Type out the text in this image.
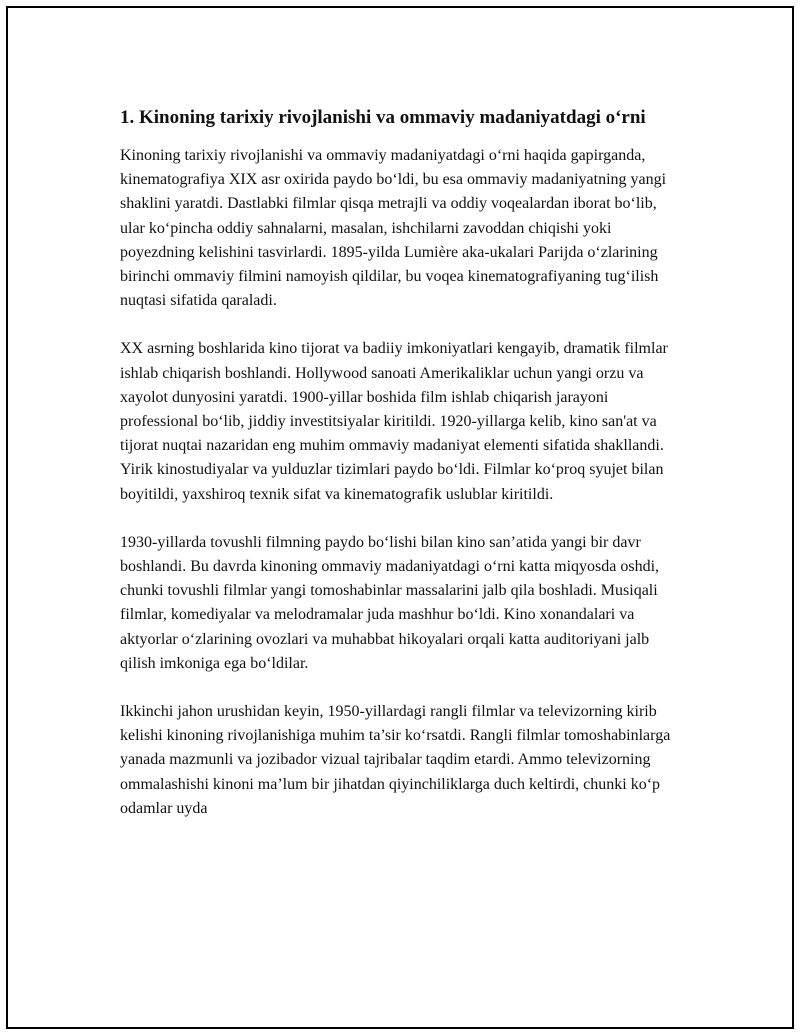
1. Kinoning tarixiy rivojlanishi va ommaviy madaniyatdagi o‘rni

Kinoning tarixiy rivojlanishi va ommaviy madaniyatdagi o‘rni haqida gapirganda, kinematografiya XIX asr oxirida paydo bo‘ldi, bu esa ommaviy madaniyatning yangi shaklini yaratdi. Dastlabki filmlar qisqa metrajli va oddiy voqealardan iborat bo‘lib, ular ko‘pincha oddiy sahnalarni, masalan, ishchilarni zavoddan chiqishi yoki poyezdning kelishini tasvirlardi. 1895-yilda Lumière aka-ukalari Parijda o‘zlarining birinchi ommaviy filmini namoyish qildilar, bu voqea kinematografiyaning tug‘ilish nuqtasi sifatida qaraladi.

XX asrning boshlarida kino tijorat va badiiy imkoniyatlari kengayib, dramatik filmlar ishlab chiqarish boshlandi. Hollywood sanoati Amerikaliklar uchun yangi orzu va xayolot dunyosini yaratdi. 1900-yillar boshida film ishlab chiqarish jarayoni professional bo‘lib, jiddiy investitsiyalar kiritildi. 1920-yillarga kelib, kino san'at va tijorat nuqtai nazaridan eng muhim ommaviy madaniyat elementi sifatida shakllandi. Yirik kinostudiyalar va yulduzlar tizimlari paydo bo‘ldi. Filmlar ko‘proq syujet bilan boyitildi, yaxshiroq texnik sifat va kinematografik uslublar kiritildi.

1930-yillarda tovushli filmning paydo bo‘lishi bilan kino san’atida yangi bir davr boshlandi. Bu davrda kinoning ommaviy madaniyatdagi o‘rni katta miqyosda oshdi, chunki tovushli filmlar yangi tomoshabinlar massalarini jalb qila boshladi. Musiqali filmlar, komediyalar va melodramalar juda mashhur bo‘ldi. Kino xonandalari va aktyorlar o‘zlarining ovozlari va muhabbat hikoyalari orqali katta auditoriyani jalb qilish imkoniga ega bo‘ldilar.

Ikkinchi jahon urushidan keyin, 1950-yillardagi rangli filmlar va televizorning kirib kelishi kinoning rivojlanishiga muhim ta’sir ko‘rsatdi. Rangli filmlar tomoshabinlarga yanada mazmunli va jozibador vizual tajribalar taqdim etardi. Ammo televizorning ommalashishi kinoni ma’lum bir jihatdan qiyinchiliklarga duch keltirdi, chunki ko‘p odamlar uyda
